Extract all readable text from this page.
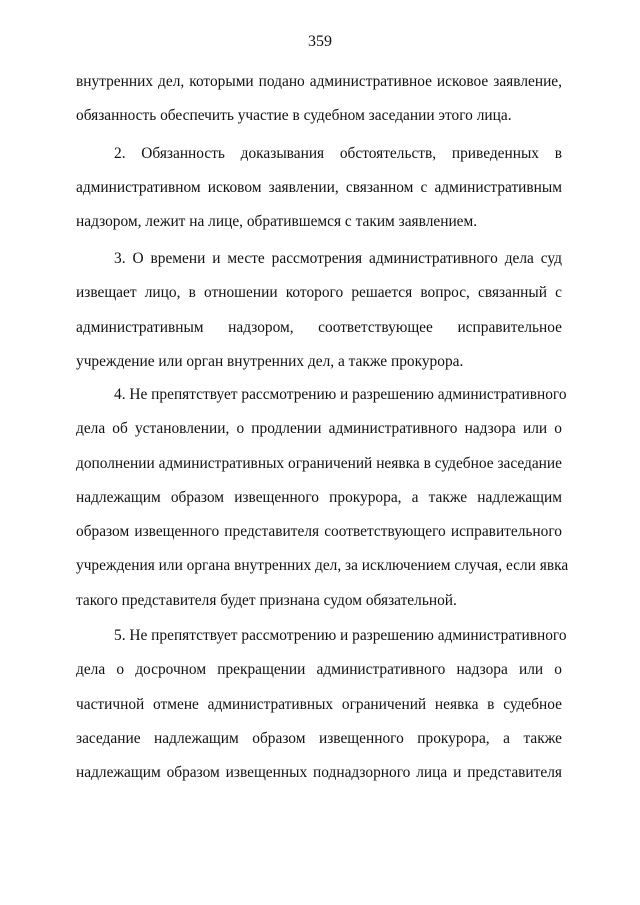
359
внутренних дел, которыми подано административное исковое заявление,
обязанность обеспечить участие в судебном заседании этого лица.
2. Обязанность доказывания обстоятельств, приведенных в
административном исковом заявлении, связанном с административным
надзором, лежит на лице, обратившемся с таким заявлением.
3. О времени и месте рассмотрения административного дела суд
извещает лицо, в отношении которого решается вопрос, связанный с
административным надзором, соответствующее исправительное
учреждение или орган внутренних дел, а также прокурора.
4. Не препятствует рассмотрению и разрешению административного
дела об установлении, о продлении административного надзора или о
дополнении административных ограничений неявка в судебное заседание
надлежащим образом извещенного прокурора, а также надлежащим
образом извещенного представителя соответствующего исправительного
учреждения или органа внутренних дел, за исключением случая, если явка
такого представителя будет признана судом обязательной.
5. Не препятствует рассмотрению и разрешению административного
дела о досрочном прекращении административного надзора или о
частичной отмене административных ограничений неявка в судебное
заседание надлежащим образом извещенного прокурора, а также
надлежащим образом извещенных поднадзорного лица и представителя
